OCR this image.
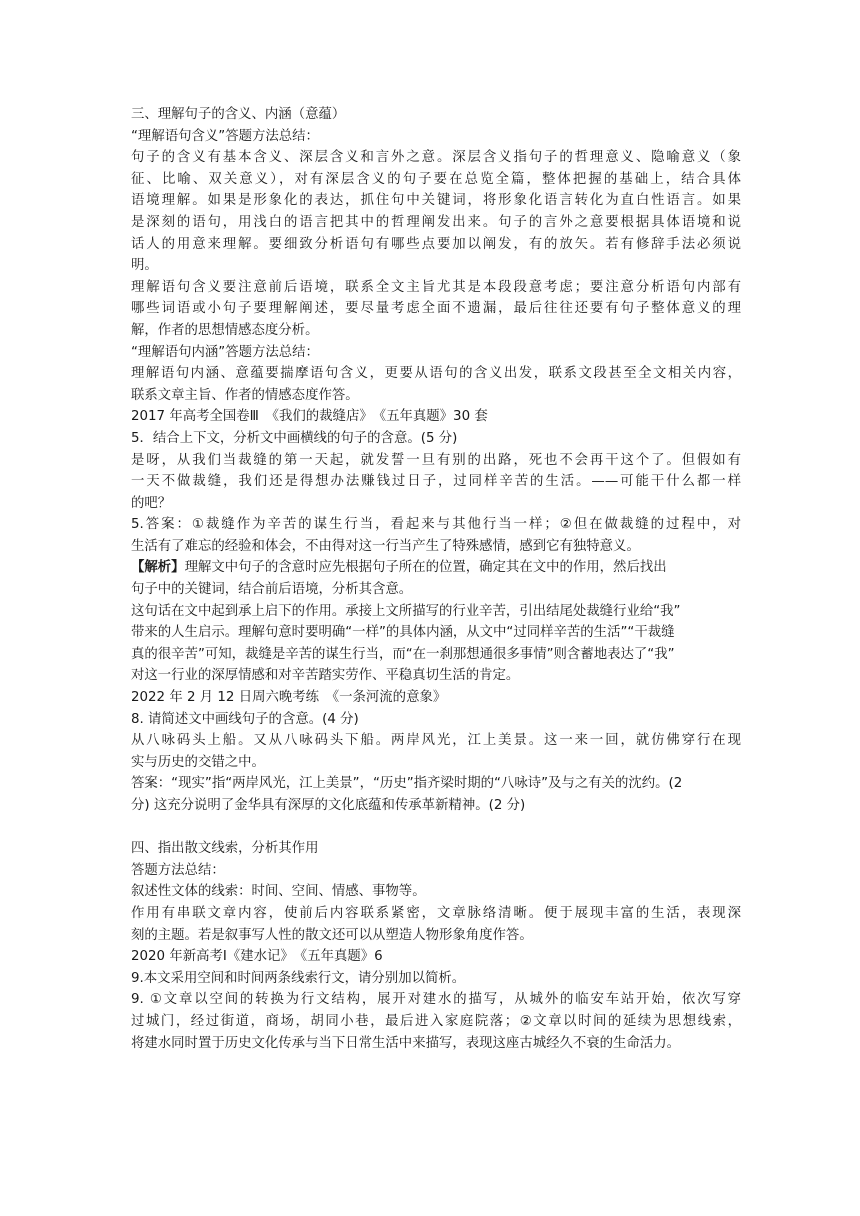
三、理解句子的含义、内涵（意蕴）
“理解语句含义”答题方法总结：
句子的含义有基本含义、深层含义和言外之意。深层含义指句子的哲理意义、隐喻意义（象
征、比喻、双关意义），对有深层含义的句子要在总览全篇，整体把握的基础上，结合具体
语境理解。如果是形象化的表达，抓住句中关键词，将形象化语言转化为直白性语言。如果
是深刻的语句，用浅白的语言把其中的哲理阐发出来。句子的言外之意要根据具体语境和说
话人的用意来理解。要细致分析语句有哪些点要加以阐发，有的放矢。若有修辞手法必须说
明。
理解语句含义要注意前后语境，联系全文主旨尤其是本段段意考虑；要注意分析语句内部有
哪些词语或小句子要理解阐述，要尽量考虑全面不遗漏，最后往往还要有句子整体意义的理
解，作者的思想情感态度分析。
“理解语句内涵”答题方法总结：
理解语句内涵、意蕴要揣摩语句含义，更要从语句的含义出发，联系文段甚至全文相关内容，
联系文章主旨、作者的情感态度作答。
2017 年高考全国卷Ⅲ　《我们的裁缝店》　《五年真题》30 套
5．结合上下文，分析文中画横线的句子的含意。(5 分)
是呀，从我们当裁缝的第一天起，就发誓一旦有别的出路，死也不会再干这个了。但假如有
一天不做裁缝，我们还是得想办法赚钱过日子，过同样辛苦的生活。——可能干什么都一样
的吧？
5.答案：①裁缝作为辛苦的谋生行当，看起来与其他行当一样；②但在做裁缝的过程中，对
生活有了难忘的经验和体会，不由得对这一行当产生了特殊感情，感到它有独特意义。
【解析】理解文中句子的含意时应先根据句子所在的位置，确定其在文中的作用，然后找出
句子中的关键词，结合前后语境，分析其含意。
这句话在文中起到承上启下的作用。承接上文所描写的行业辛苦，引出结尾处裁缝行业给“我”
带来的人生启示。理解句意时要明确“一样”的具体内涵，从文中“过同样辛苦的生活”“干裁缝
真的很辛苦”可知，裁缝是辛苦的谋生行当，而“在一刹那想通很多事情”则含蓄地表达了“我”
对这一行业的深厚情感和对辛苦踏实劳作、平稳真切生活的肯定。
2022 年 2 月 12 日周六晚考练　《一条河流的意象》
8. 请简述文中画线句子的含意。(4 分)
从八咏码头上船。又从八咏码头下船。两岸风光，江上美景。这一来一回，就仿佛穿行在现
实与历史的交错之中。
答案：“现实”指“两岸风光，江上美景”，“历史”指齐梁时期的“八咏诗”及与之有关的沈约。(2
分) 这充分说明了金华具有深厚的文化底蕴和传承革新精神。(2 分)
四、指出散文线索，分析其作用
答题方法总结：
叙述性文体的线索：时间、空间、情感、事物等。
作用有串联文章内容，使前后内容联系紧密，文章脉络清晰。便于展现丰富的生活，表现深
刻的主题。若是叙事写人性的散文还可以从塑造人物形象角度作答。
2020 年新高考Ⅰ《建水记》　《五年真题》6
9.本文采用空间和时间两条线索行文，请分别加以简析。
9. ①文章以空间的转换为行文结构，展开对建水的描写，从城外的临安车站开始，依次写穿
过城门，经过街道，商场，胡同小巷，最后进入家庭院落；②文章以时间的延续为思想线索，
将建水同时置于历史文化传承与当下日常生活中来描写，表现这座古城经久不衰的生命活力。
